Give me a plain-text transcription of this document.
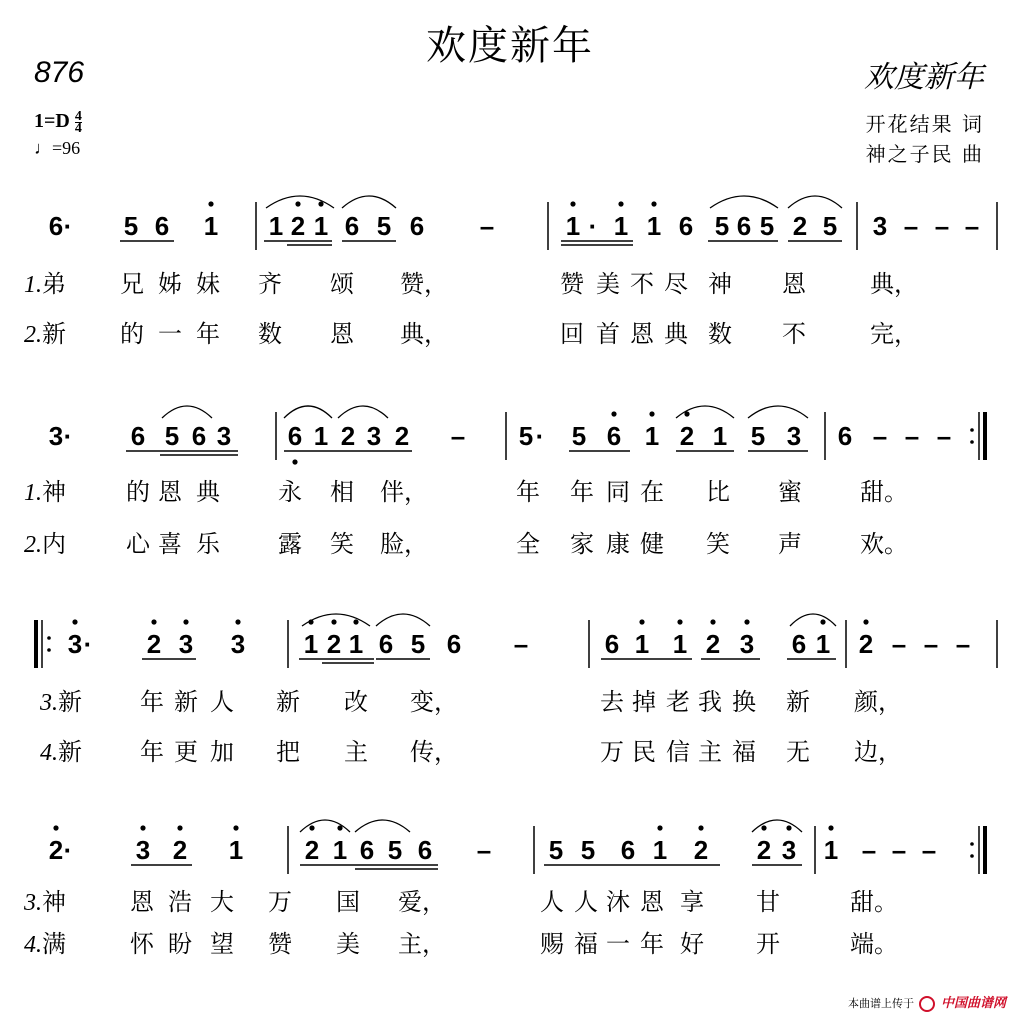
欢度新年
876	欢度新年
$1=D \frac{4}{4}$
♩=96
开花结果 词
神之子民 曲
6 · 5 6 1 1 2 1 6 5 6 –	1 · 1 1 6 5 6 5 2 5 3 – – –
1.弟 兄 姊 妹 齐 颂 赞，	赞 美 不 尽 神 恩	典，
2.新 的 一 年 数 恩 典，	回 首 恩 典 数 不	完，
3 · 6 5 6 3 6 1 2 3 2 – 5 · 5 6 1 2 1 5 3 6 – – –
1.神	的 恩 典 永 相 伴，	年 年 同 在 比 蜜 甜。
2.内	心 喜 乐 露 笑 脸，	全 家 康 健 笑 声 欢。
3 · 2 3 3 1 2 1 6 5 6 –	6 1 1 2 3 6 1 2 – – –
3.新 年 新 人 新 改 变，	去 掉 老 我 换 新 颜，
4.新 年 更 加 把 主 传，	万 民 信 主 福 无 边，
2 · 3 2 1 2 1 6 5 6 – 5 5 6 1 2 2 3 1 – – –
3.神	恩 浩 大 万 国 爱，	人 人 沐 恩 享 甘	甜。
4.满	怀 盼 望 赞 美 主，	赐 福 一 年 好 开	端。
本曲谱上传于 中国曲谱网
